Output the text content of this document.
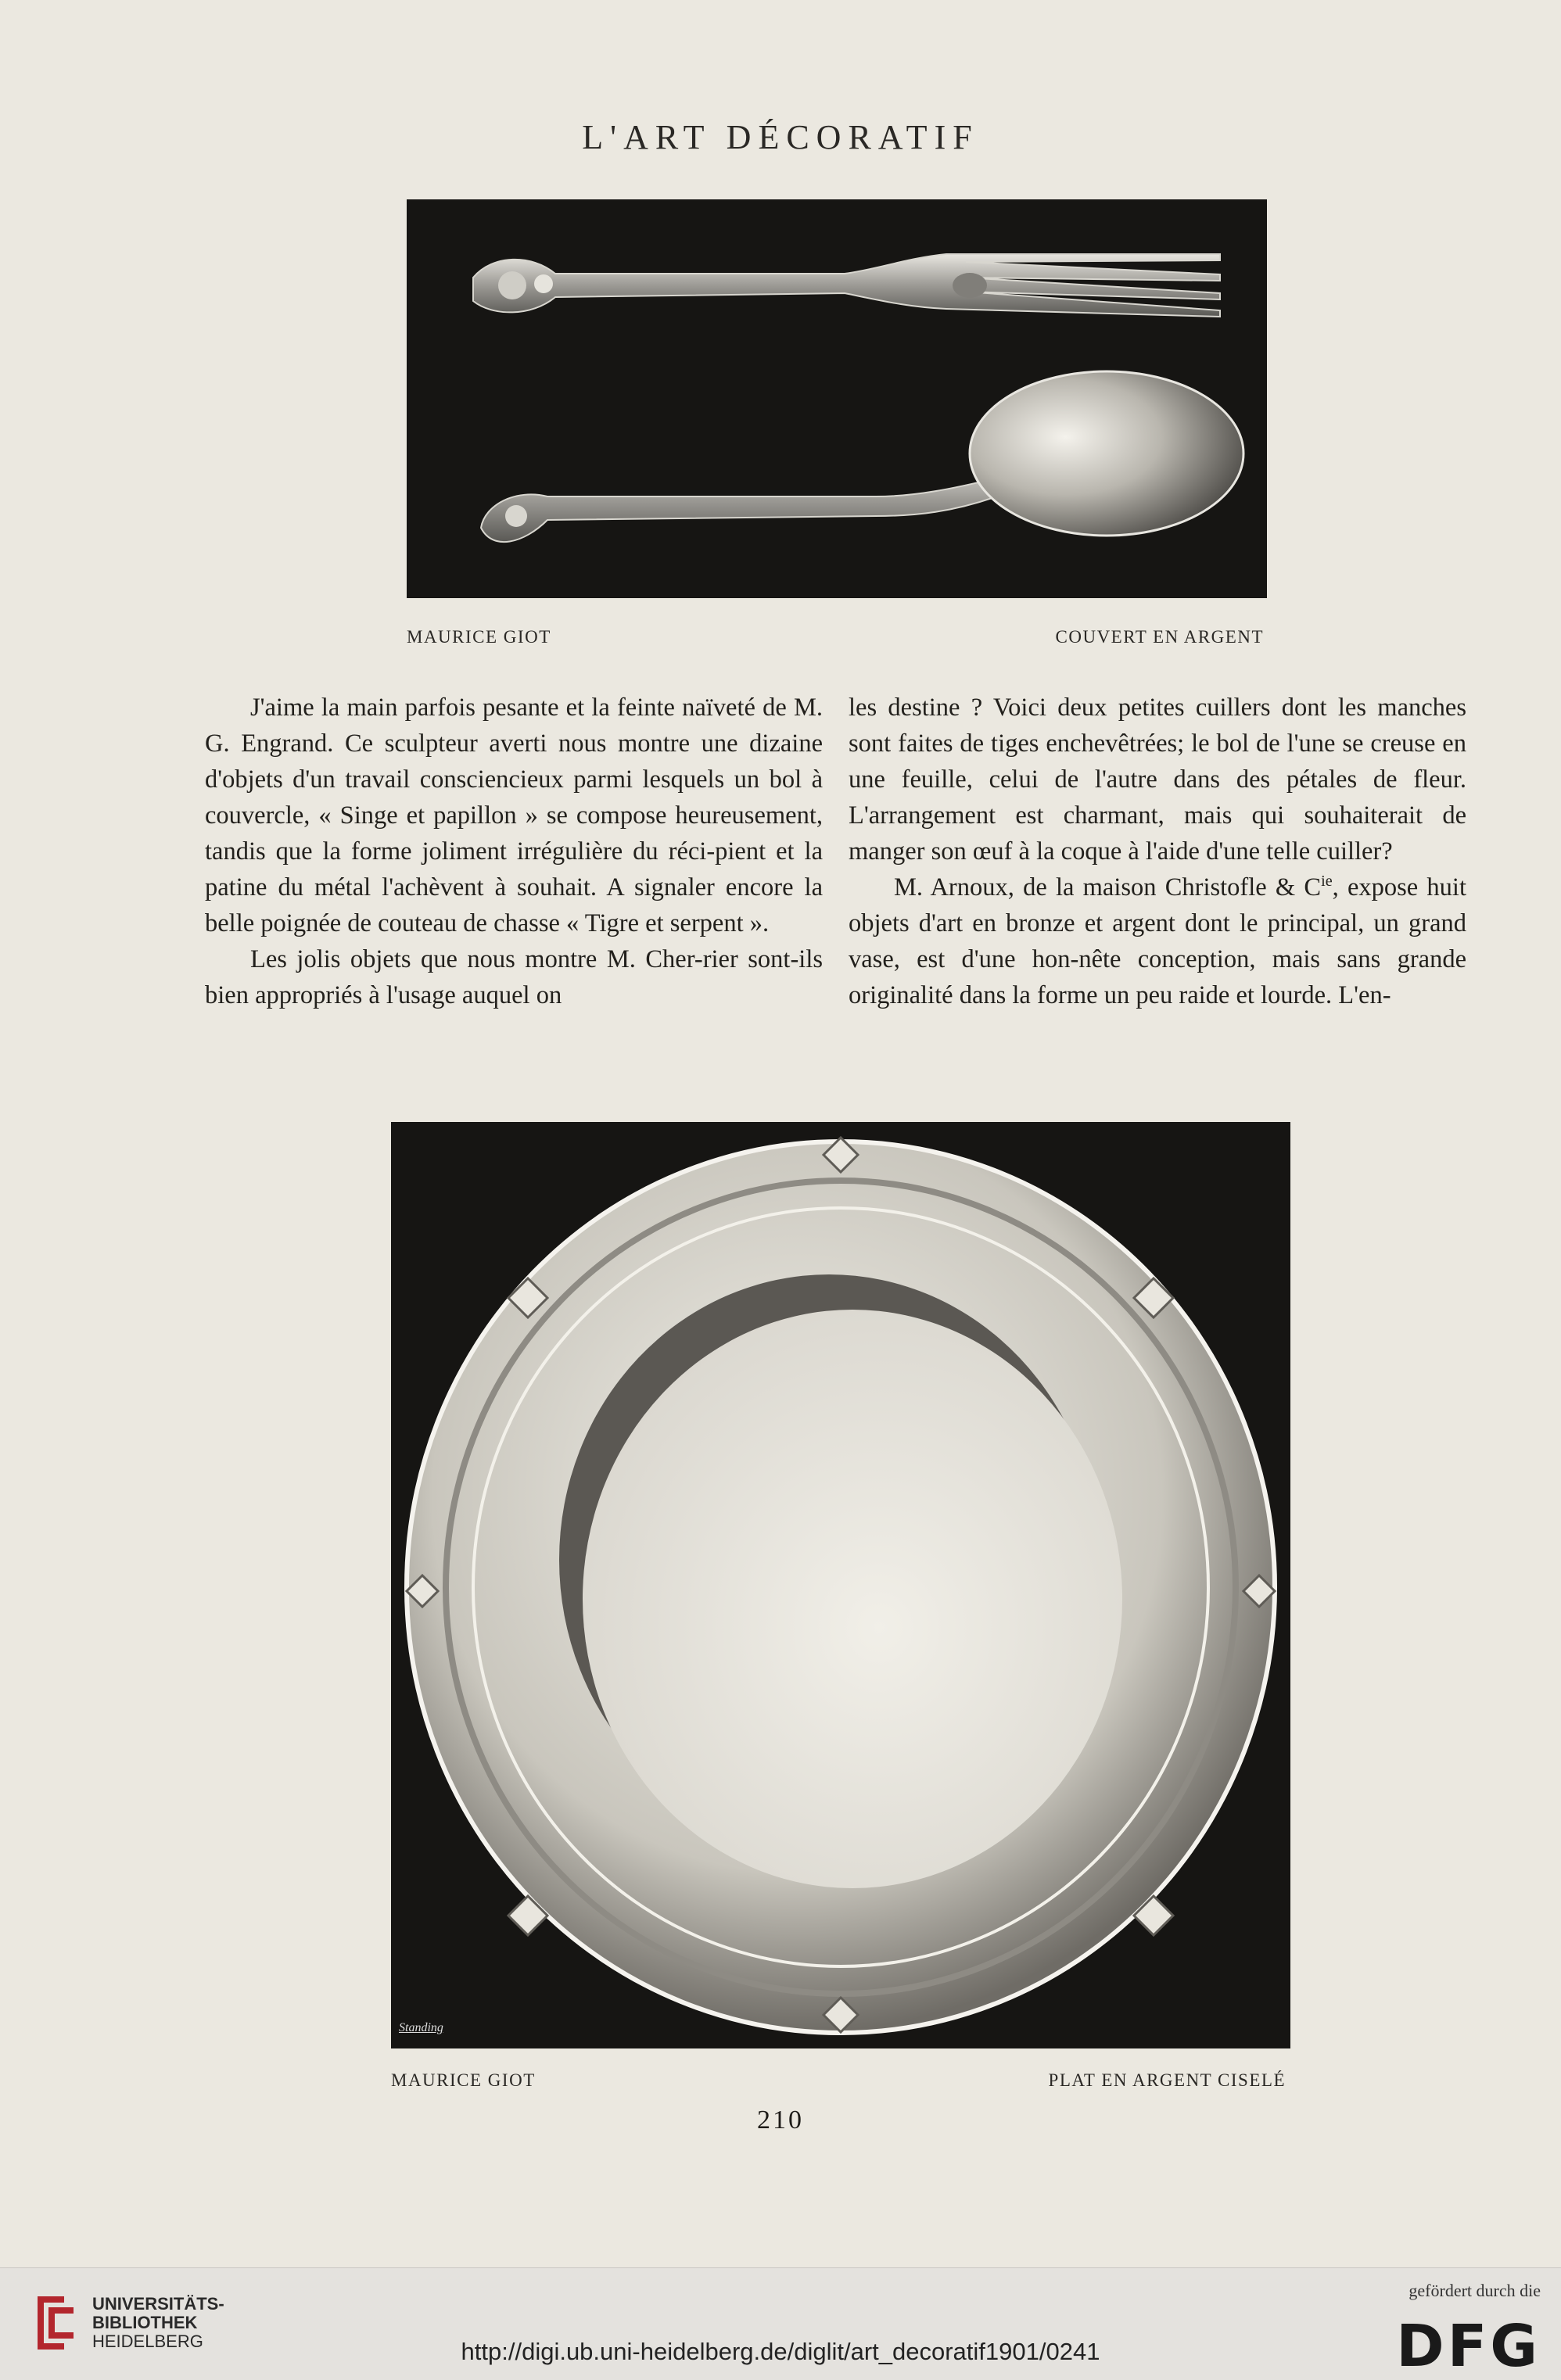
L'ART DÉCORATIF
MAURICE GIOT	COUVERT EN ARGENT

J'aime la main parfois pesante et la feinte naïveté de M. G. Engrand. Ce sculpteur averti nous montre une dizaine d'objets d'un travail consciencieux parmi lesquels un bol à couvercle, « Singe et papillon » se compose heureusement, tandis que la forme joliment irrégulière du réci-pient et la patine du métal l'achèvent à souhait. A signaler encore la belle poignée de couteau de chasse « Tigre et serpent ».

Les jolis objets que nous montre M. Cher-rier sont-ils bien appropriés à l'usage auquel on

les destine ? Voici deux petites cuillers dont les manches sont faites de tiges enchevêtrées; le bol de l'une se creuse en une feuille, celui de l'autre dans des pétales de fleur. L'arrangement est charmant, mais qui souhaiterait de manger son œuf à la coque à l'aide d'une telle cuiller?

M. Arnoux, de la maison Christofle & $C^{ie}$, expose huit objets d'art en bronze et argent dont le principal, un grand vase, est d'une hon-nête conception, mais sans grande originalité dans la forme un peu raide et lourde. L'en-

Standing
MAURICE GIOT	PLAT EN ARGENT CISELÉ
210
UNIVERSITÄTS-
BIBLIOTHEK
HEIDELBERG	http://digi.ub.uni-heidelberg.de/diglit/art_decoratif1901/0241
gefördert durch die
DFG
